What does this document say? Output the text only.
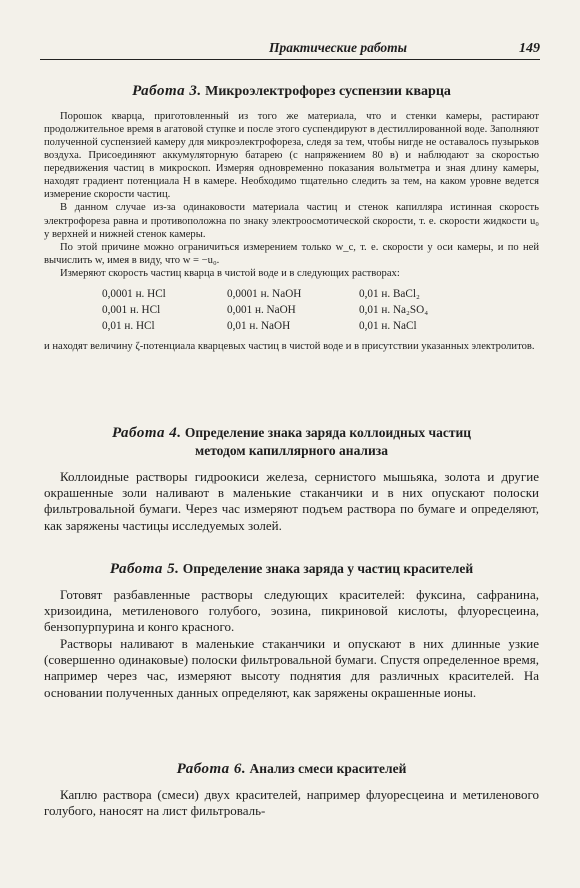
Практические работы	149
Работа 3. Микроэлектрофорез суспензии кварца

Порошок кварца, приготовленный из того же материала, что и стенки камеры, растирают продолжительное время в агатовой ступке и после этого суспендируют в дестиллированной воде. Заполняют полученной суспензией камеру для микроэлектрофореза, следя за тем, чтобы нигде не оставалось пузырьков воздуха. Присоединяют аккумуляторную батарею (с напряжением 80 в) и наблюдают за скоростью передвижения частиц в микроскоп. Измеряя одновременно показания вольтметра и зная длину камеры, находят градиент потенциала H в камере. Необходимо тщательно следить за тем, на каком уровне ведется измерение скорости частиц.

В данном случае из-за одинаковости материала частиц и стенок капилляра истинная скорость электрофореза равна и противоположна по знаку электроосмотической скорости, т. е. скорости жидкости u₀ у верхней и нижней стенок камеры.

По этой причине можно ограничиться измерением только w_c, т. е. скорости у оси камеры, и по ней вычислить w, имея в виду, что w = −u₀.

Измеряют скорость частиц кварца в чистой воде и в следующих растворах:

0,0001 н. HCl	0,0001 н. NaOH	0,01 н. BaCl₂
0,001 н. HCl	0,001 н. NaOH	0,01 н. Na₂SO₄
0,01 н. HCl	0,01 н. NaOH	0,01 н. NaCl

и находят величину ζ-потенциала кварцевых частиц в чистой воде и в присутствии указанных электролитов.

Работа 4. Определение знака заряда коллоидных частиц
методом капиллярного анализа

Коллоидные растворы гидроокиси железа, сернистого мышьяка, золота и другие окрашенные золи наливают в маленькие стаканчики и в них опускают полоски фильтровальной бумаги. Через час измеряют подъем раствора по бумаге и определяют, как заряжены частицы исследуемых золей.

Работа 5. Определение знака заряда у частиц красителей

Готовят разбавленные растворы следующих красителей: фуксина, сафранина, хризоидина, метиленового голубого, эозина, пикриновой кислоты, флуоресцеина, бензопурпурина и конго красного.

Растворы наливают в маленькие стаканчики и опускают в них длинные узкие (совершенно одинаковые) полоски фильтровальной бумаги. Спустя определенное время, например через час, измеряют высоту поднятия для различных красителей. На основании полученных данных определяют, как заряжены окрашенные ионы.

Работа 6. Анализ смеси красителей

Каплю раствора (смеси) двух красителей, например флуоресцеина и метиленового голубого, наносят на лист фильтроваль-
